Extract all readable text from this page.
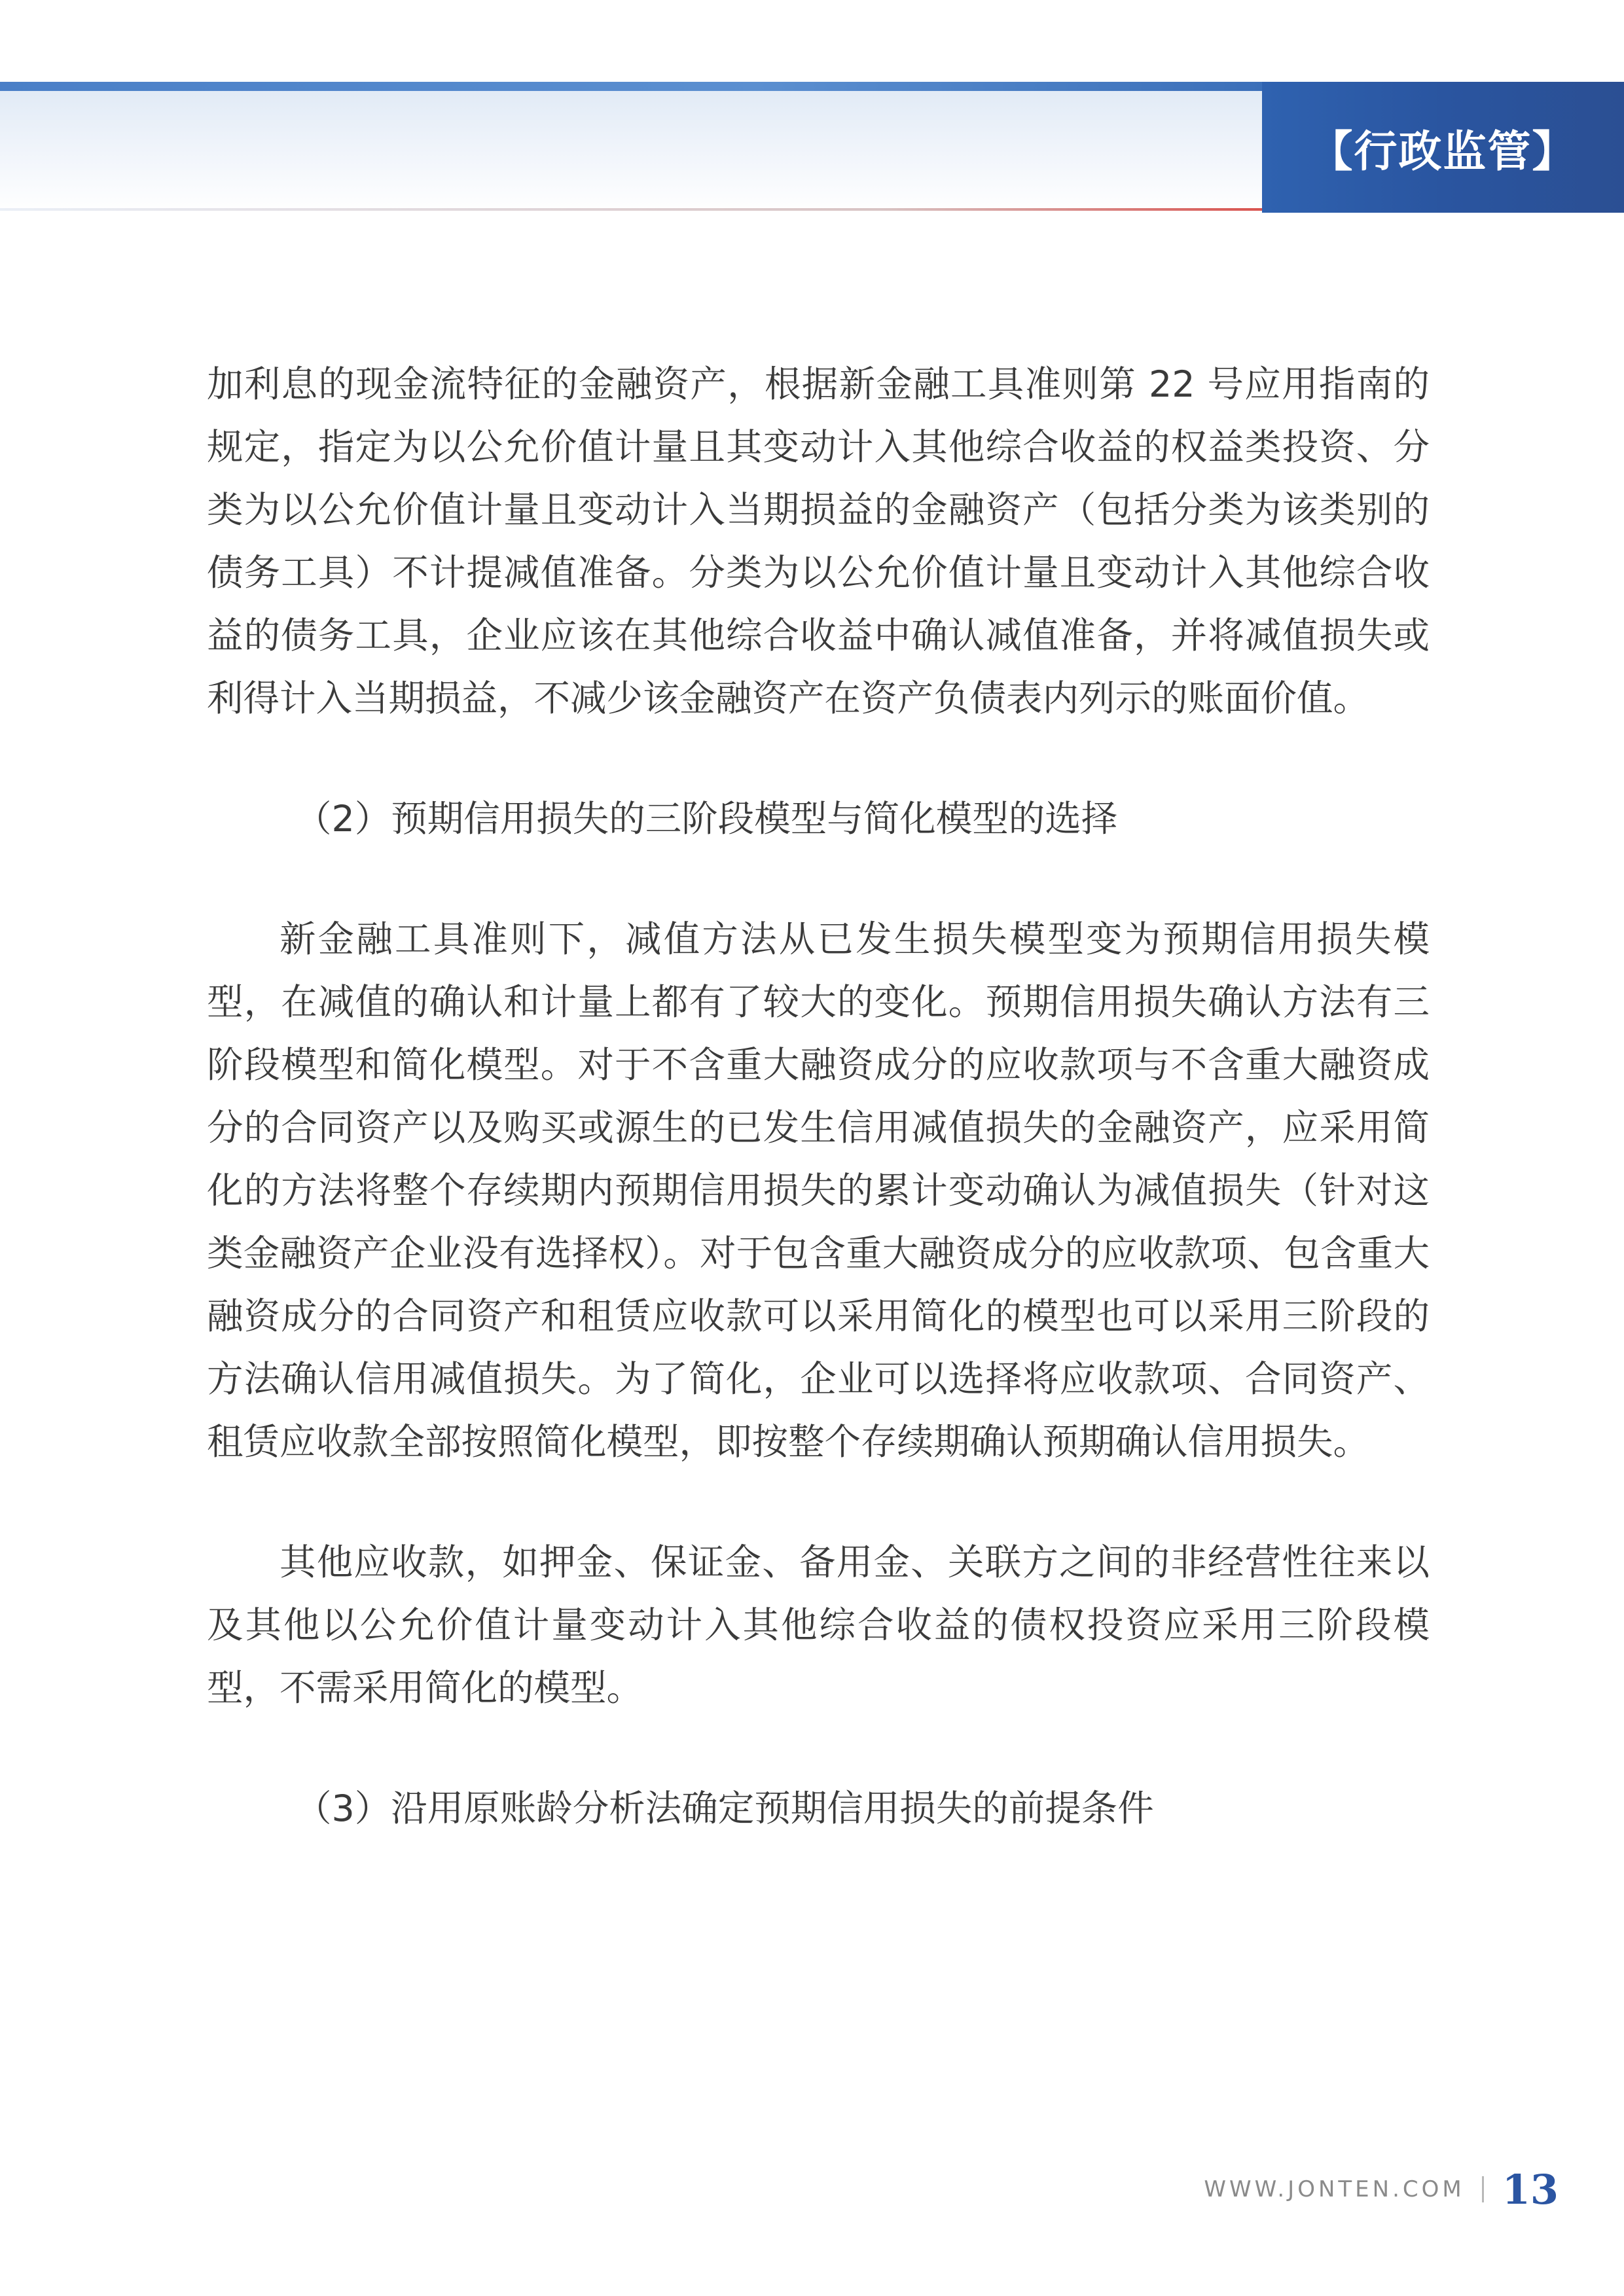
【行政监管】

加利息的现金流特征的金融资产，根据新金融工具准则第 22 号应用指南的规定，指定为以公允价值计量且其变动计入其他综合收益的权益类投资、分类为以公允价值计量且变动计入当期损益的金融资产（包括分类为该类别的债务工具）不计提减值准备。分类为以公允价值计量且变动计入其他综合收益的债务工具，企业应该在其他综合收益中确认减值准备，并将减值损失或利得计入当期损益，不减少该金融资产在资产负债表内列示的账面价值。

（2）预期信用损失的三阶段模型与简化模型的选择

新金融工具准则下，减值方法从已发生损失模型变为预期信用损失模型，在减值的确认和计量上都有了较大的变化。预期信用损失确认方法有三阶段模型和简化模型。对于不含重大融资成分的应收款项与不含重大融资成分的合同资产以及购买或源生的已发生信用减值损失的金融资产，应采用简化的方法将整个存续期内预期信用损失的累计变动确认为减值损失（针对这类金融资产企业没有选择权）。对于包含重大融资成分的应收款项、包含重大融资成分的合同资产和租赁应收款可以采用简化的模型也可以采用三阶段的方法确认信用减值损失。为了简化，企业可以选择将应收款项、合同资产、租赁应收款全部按照简化模型，即按整个存续期确认预期确认信用损失。

其他应收款，如押金、保证金、备用金、关联方之间的非经营性往来以及其他以公允价值计量变动计入其他综合收益的债权投资应采用三阶段模型，不需采用简化的模型。

（3）沿用原账龄分析法确定预期信用损失的前提条件

WWW.JONTEN.COM 13
